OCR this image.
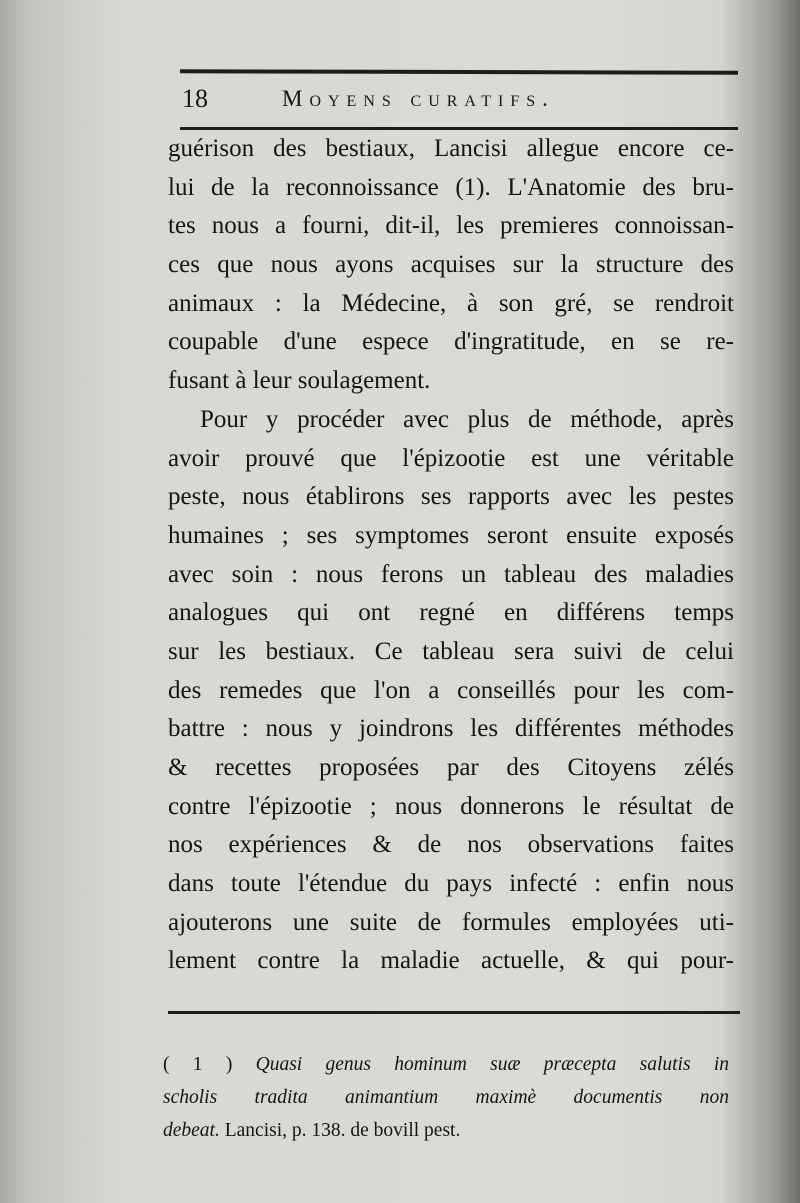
18	Moyens curatifs.
guérison des bestiaux, Lancisi allegue encore ce-
lui de la reconnoissance (1). L'Anatomie des bru-
tes nous a fourni, dit-il, les premieres connoissan-
ces que nous ayons acquises sur la structure des
animaux : la Médecine, à son gré, se rendroit
coupable d'une espece d'ingratitude, en se re-
fusant à leur soulagement.
Pour y procéder avec plus de méthode, après
avoir prouvé que l'épizootie est une véritable
peste, nous établirons ses rapports avec les pestes
humaines ; ses symptomes seront ensuite exposés
avec soin : nous ferons un tableau des maladies
analogues qui ont regné en différens temps
sur les bestiaux. Ce tableau sera suivi de celui
des remedes que l'on a conseillés pour les com-
battre : nous y joindrons les différentes méthodes
& recettes proposées par des Citoyens zélés
contre l'épizootie ; nous donnerons le résultat de
nos expériences & de nos observations faites
dans toute l'étendue du pays infecté : enfin nous
ajouterons une suite de formules employées uti-
lement contre la maladie actuelle, & qui pour-
( 1 ) Quasi genus hominum suæ præcepta salutis in
scholis tradita animantium maximè documentis non
debeat. Lancisi, p. 138. de bovill pest.
